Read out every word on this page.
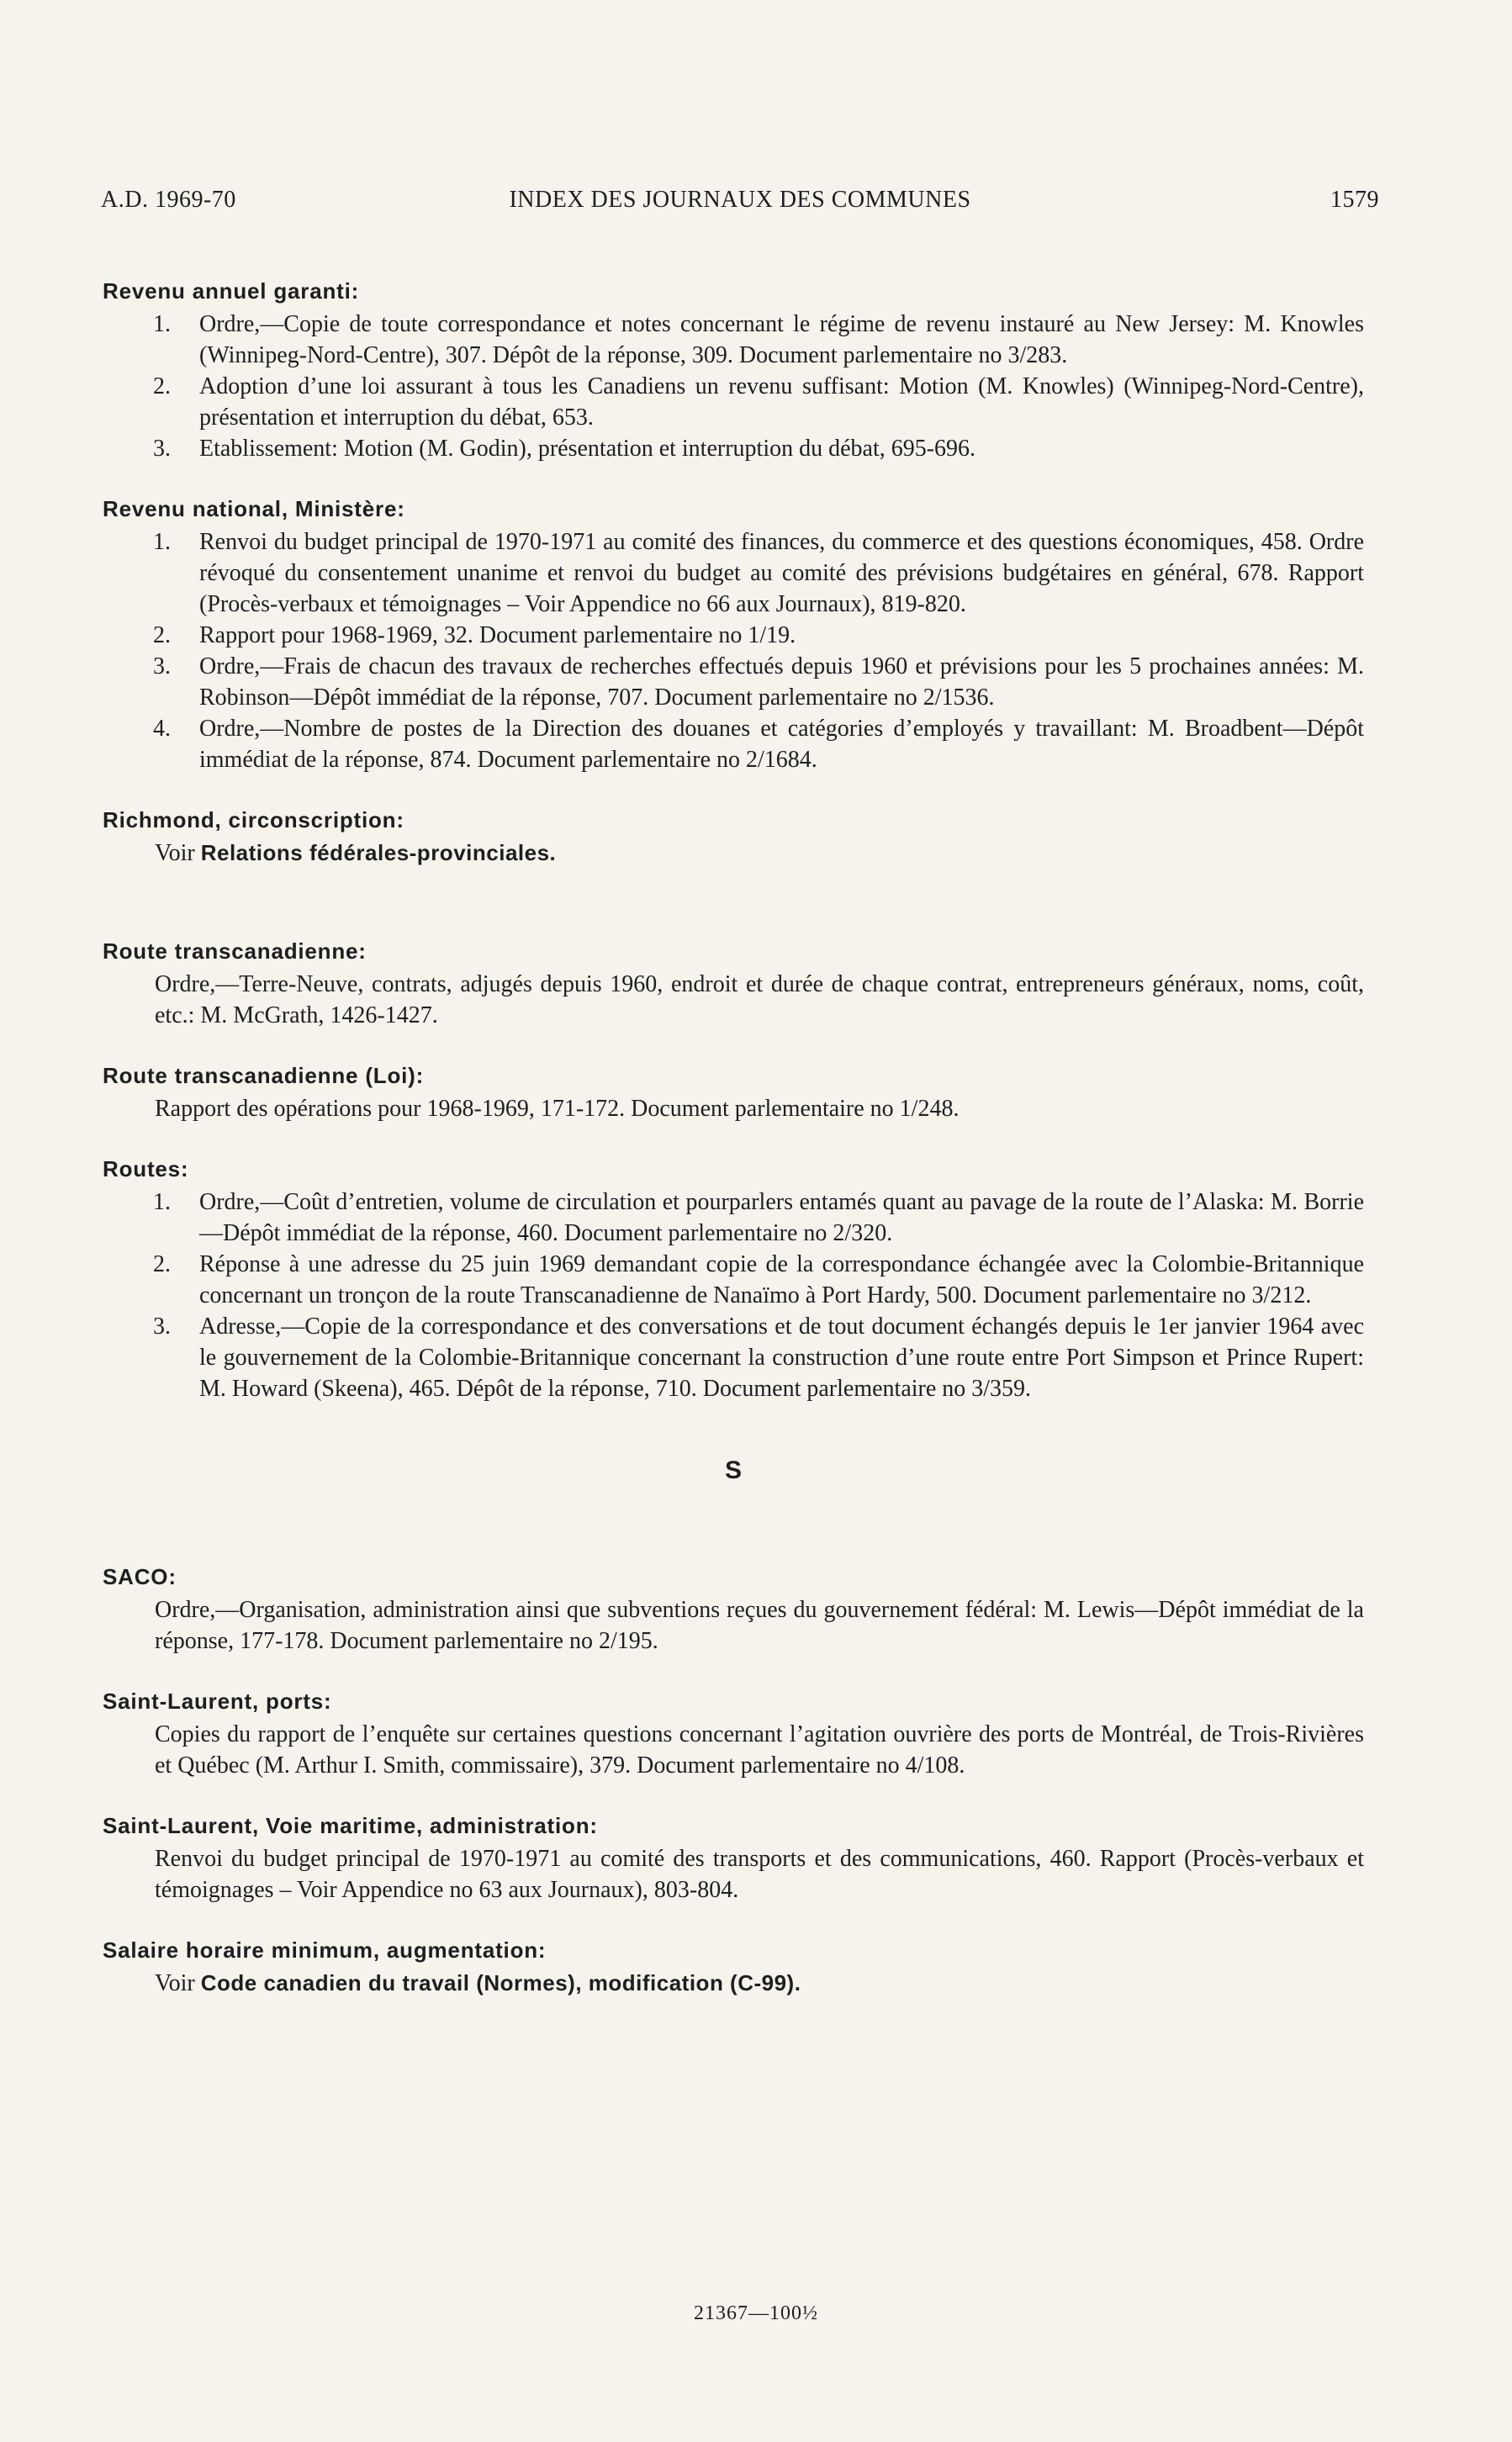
A.D. 1969-70	INDEX DES JOURNAUX DES COMMUNES	1579

Revenu annuel garanti:

1. Ordre,—Copie de toute correspondance et notes concernant le régime de revenu instauré au New Jersey: M. Knowles (Winnipeg-Nord-Centre), 307. Dépôt de la réponse, 309. Document parlementaire no 3/283.

2. Adoption d’une loi assurant à tous les Canadiens un revenu suffisant: Motion (M. Knowles) (Winnipeg-Nord-Centre), présentation et interruption du débat, 653.

3. Etablissement: Motion (M. Godin), présentation et interruption du débat, 695-696.

Revenu national, Ministère:

1. Renvoi du budget principal de 1970-1971 au comité des finances, du commerce et des questions économiques, 458. Ordre révoqué du consentement unanime et renvoi du budget au comité des prévisions budgétaires en général, 678. Rapport (Procès-verbaux et témoignages – Voir Appendice no 66 aux Journaux), 819-820.

2. Rapport pour 1968-1969, 32. Document parlementaire no 1/19.

3. Ordre,—Frais de chacun des travaux de recherches effectués depuis 1960 et prévisions pour les 5 prochaines années: M. Robinson—Dépôt immédiat de la réponse, 707. Document parlementaire no 2/1536.

4. Ordre,—Nombre de postes de la Direction des douanes et catégories d’employés y travaillant: M. Broadbent—Dépôt immédiat de la réponse, 874. Document parlementaire no 2/1684.

Richmond, circonscription:

Voir Relations fédérales-provinciales.

Route transcanadienne:

Ordre,—Terre-Neuve, contrats, adjugés depuis 1960, endroit et durée de chaque contrat, entrepreneurs généraux, noms, coût, etc.: M. McGrath, 1426-1427.

Route transcanadienne (Loi):

Rapport des opérations pour 1968-1969, 171-172. Document parlementaire no 1/248.

Routes:

1. Ordre,—Coût d’entretien, volume de circulation et pourparlers entamés quant au pavage de la route de l’Alaska: M. Borrie—Dépôt immédiat de la réponse, 460. Document parlementaire no 2/320.

2. Réponse à une adresse du 25 juin 1969 demandant copie de la correspondance échangée avec la Colombie-Britannique concernant un tronçon de la route Transcanadienne de Nanaïmo à Port Hardy, 500. Document parlementaire no 3/212.

3. Adresse,—Copie de la correspondance et des conversations et de tout document échangés depuis le 1er janvier 1964 avec le gouvernement de la Colombie-Britannique concernant la construction d’une route entre Port Simpson et Prince Rupert: M. Howard (Skeena), 465. Dépôt de la réponse, 710. Document parlementaire no 3/359.

S

SACO:

Ordre,—Organisation, administration ainsi que subventions reçues du gouvernement fédéral: M. Lewis—Dépôt immédiat de la réponse, 177-178. Document parlementaire no 2/195.

Saint-Laurent, ports:

Copies du rapport de l’enquête sur certaines questions concernant l’agitation ouvrière des ports de Montréal, de Trois-Rivières et Québec (M. Arthur I. Smith, commissaire), 379. Document parlementaire no 4/108.

Saint-Laurent, Voie maritime, administration:

Renvoi du budget principal de 1970-1971 au comité des transports et des communications, 460. Rapport (Procès-verbaux et témoignages – Voir Appendice no 63 aux Journaux), 803-804.

Salaire horaire minimum, augmentation:

Voir Code canadien du travail (Normes), modification (C-99).

21367—100½
